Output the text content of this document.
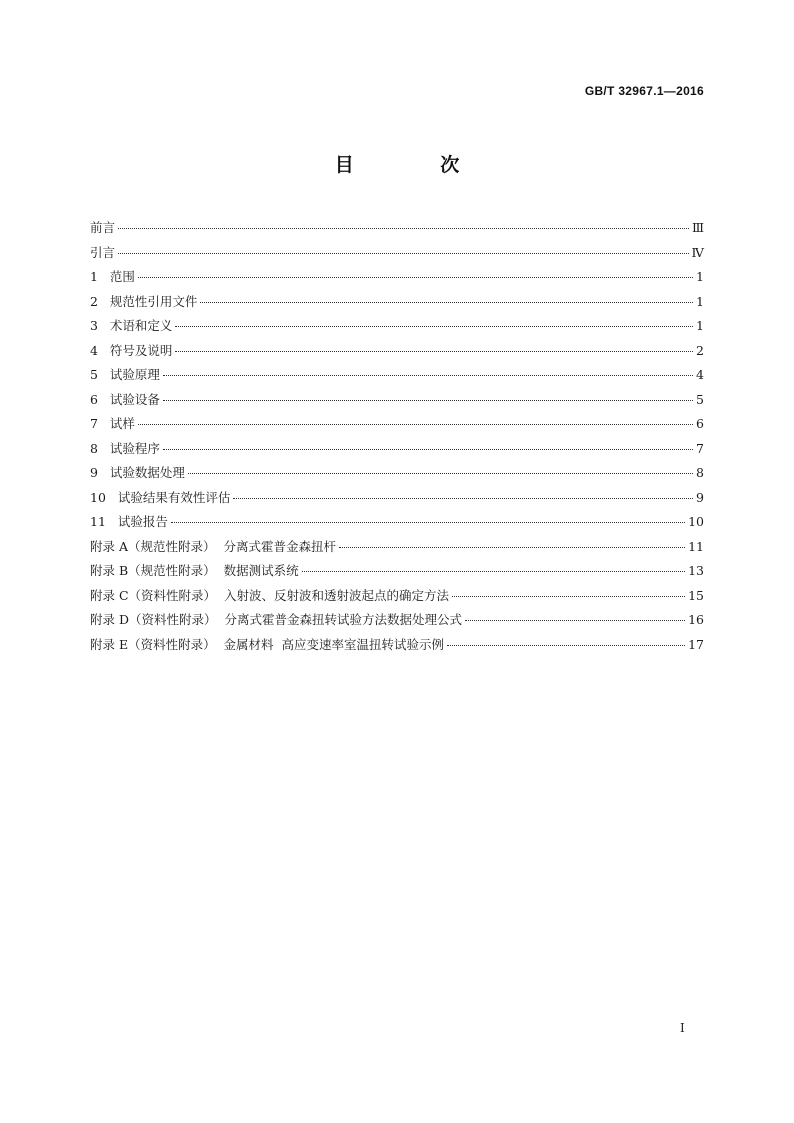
GB/T 32967.1—2016
目 次
前言	Ⅲ
引言	Ⅳ
1   范围	1
2   规范性引用文件	1
3   术语和定义	1
4   符号及说明	2
5   试验原理	4
6   试验设备	5
7   试样	6
8   试验程序	7
9   试验数据处理	8
10   试验结果有效性评估	9
11   试验报告	10
附录 A（规范性附录）  分离式霍普金森扭杆	11
附录 B（规范性附录）  数据测试系统	13
附录 C（资料性附录）  入射波、反射波和透射波起点的确定方法	15
附录 D（资料性附录）  分离式霍普金森扭转试验方法数据处理公式	16
附录 E（资料性附录）  金属材料  高应变速率室温扭转试验示例	17
I
